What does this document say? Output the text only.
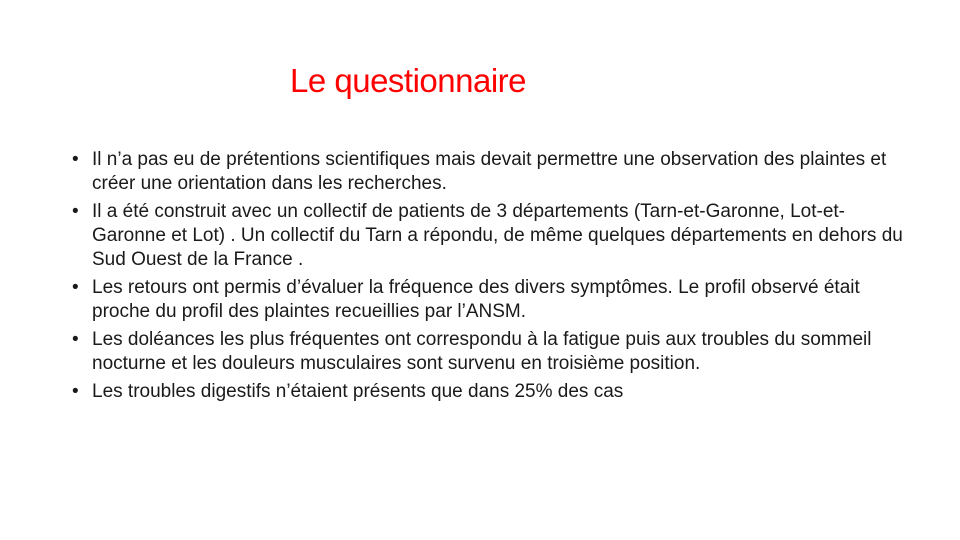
Le questionnaire
• Il n’a pas eu de prétentions scientifiques mais devait permettre une observation des plaintes et créer une orientation dans les recherches.
• Il a été construit avec un collectif de patients de 3 départements (Tarn-et-Garonne, Lot-et-Garonne et Lot) . Un collectif du Tarn a répondu, de même quelques départements en dehors du Sud Ouest de la France .
• Les retours ont permis d’évaluer la fréquence des divers symptômes. Le profil observé était proche du profil des plaintes recueillies par l’ANSM.
• Les doléances les plus fréquentes ont correspondu à la fatigue puis aux troubles du sommeil nocturne et les douleurs musculaires sont survenu en troisième position.
• Les troubles digestifs n’étaient présents que dans 25% des cas
